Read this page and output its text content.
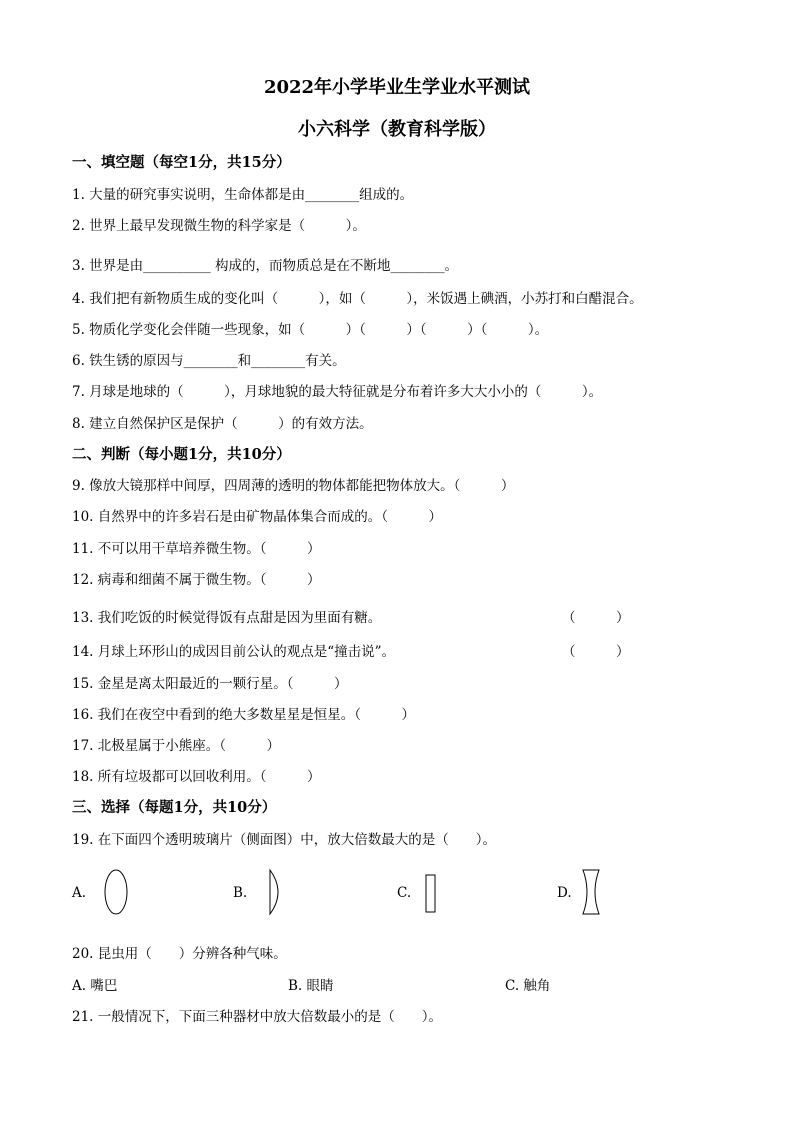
2022年小学毕业生学业水平测试
小六科学（教育科学版）
一、填空题（每空1分，共15分）
1. 大量的研究事实说明，生命体都是由________组成的。
2. 世界上最早发现微生物的科学家是（　　　）。
3. 世界是由__________ 构成的，而物质总是在不断地________。
4. 我们把有新物质生成的变化叫（　　　），如（　　　），米饭遇上碘酒，小苏打和白醋混合。
5. 物质化学变化会伴随一些现象，如（　　　）（　　　）（　　　）（　　　）。
6. 铁生锈的原因与________和________有关。
7. 月球是地球的（　　　），月球地貌的最大特征就是分布着许多大大小小的（　　　）。
8. 建立自然保护区是保护（　　　）的有效方法。
二、判断（每小题1分，共10分）
9. 像放大镜那样中间厚，四周薄的透明的物体都能把物体放大。（　　　）
10. 自然界中的许多岩石是由矿物晶体集合而成的。（　　　）
11. 不可以用干草培养微生物。（　　　）
12. 病毒和细菌不属于微生物。（　　　）
13. 我们吃饭的时候觉得饭有点甜是因为里面有糖。	（　　　）
14. 月球上环形山的成因目前公认的观点是“撞击说”。	（　　　）
15. 金星是离太阳最近的一颗行星。（　　　）
16. 我们在夜空中看到的绝大多数星星是恒星。（　　　）
17. 北极星属于小熊座。（　　　）
18. 所有垃圾都可以回收利用。（　　　）
三、选择（每题1分，共10分）
19. 在下面四个透明玻璃片（侧面图）中，放大倍数最大的是（　　）。
A.	B.	C.	D.
20. 昆虫用（　　）分辨各种气味。
A. 嘴巴	B. 眼睛	C. 触角
21. 一般情况下，下面三种器材中放大倍数最小的是（　　）。
